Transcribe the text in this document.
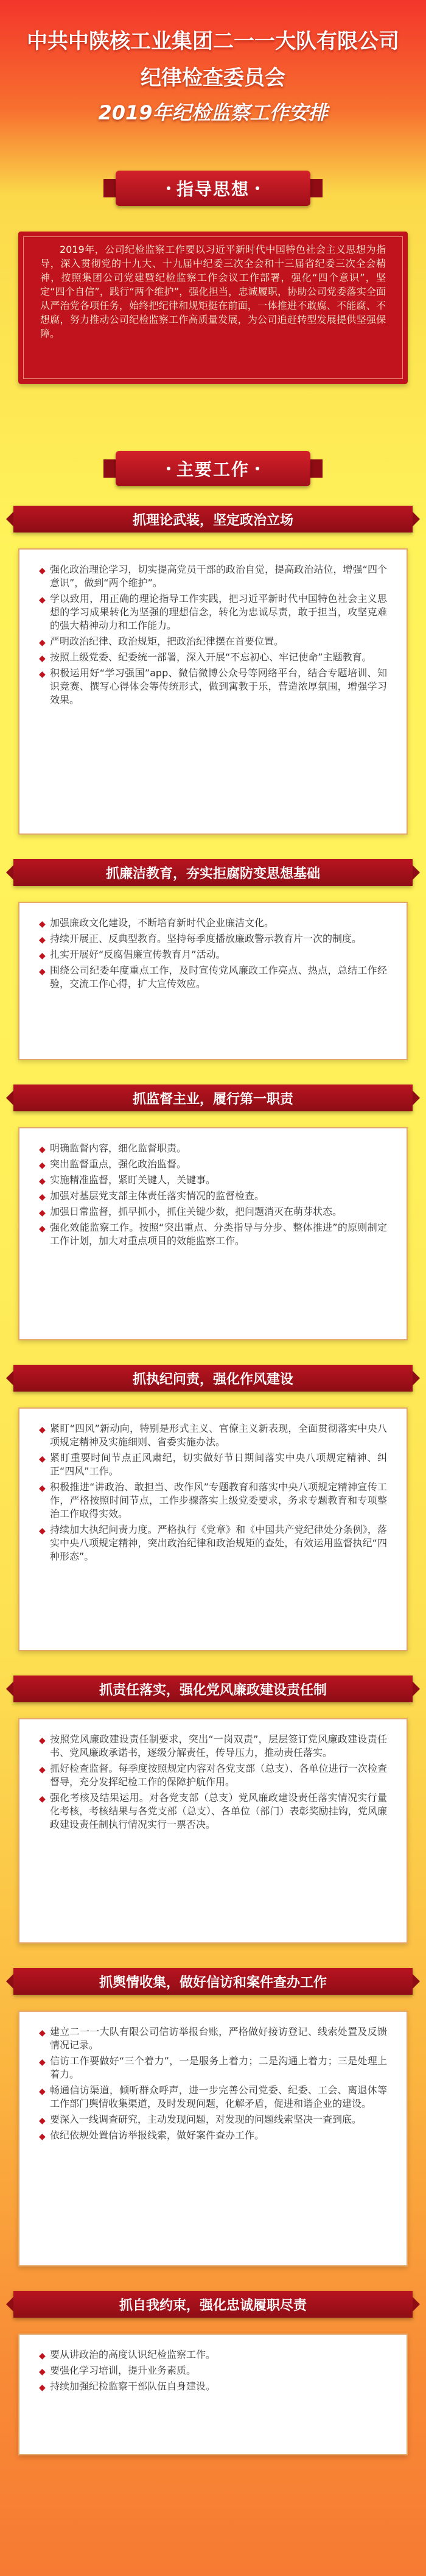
中共中陕核工业集团二一一大队有限公司
纪律检查委员会
2019年纪检监察工作安排
指导思想

2019年，公司纪检监察工作要以习近平新时代中国特色社会主义思想为指导，深入贯彻党的十九大、十九届中纪委三次全会和十三届省纪委三次全会精神，按照集团公司党建暨纪检监察工作会议工作部署，强化“四个意识”，坚定“四个自信”，践行“两个维护”，强化担当，忠诚履职，协助公司党委落实全面从严治党各项任务，始终把纪律和规矩挺在前面，一体推进不敢腐、不能腐、不想腐，努力推动公司纪检监察工作高质量发展，为公司追赶转型发展提供坚强保障。

主要工作
抓理论武装，坚定政治立场
◆ 强化政治理论学习，切实提高党员干部的政治自觉，提高政治站位，增强“四个意识”，做到“两个维护”。
◆ 学以致用，用正确的理论指导工作实践，把习近平新时代中国特色社会主义思想的学习成果转化为坚强的理想信念，转化为忠诚尽责，敢于担当，攻坚克难的强大精神动力和工作能力。
◆ 严明政治纪律、政治规矩，把政治纪律摆在首要位置。
◆ 按照上级党委、纪委统一部署，深入开展“不忘初心、牢记使命”主题教育。
◆ 积极运用好“学习强国”app、微信微博公众号等网络平台，结合专题培训、知识竞赛、撰写心得体会等传统形式，做到寓教于乐，营造浓厚氛围，增强学习效果。
抓廉洁教育，夯实拒腐防变思想基础
◆ 加强廉政文化建设，不断培育新时代企业廉洁文化。
◆ 持续开展正、反典型教育。坚持每季度播放廉政警示教育片一次的制度。
◆ 扎实开展好“反腐倡廉宣传教育月”活动。
◆ 围绕公司纪委年度重点工作，及时宣传党风廉政工作亮点、热点，总结工作经验，交流工作心得，扩大宣传效应。
抓监督主业，履行第一职责
◆ 明确监督内容，细化监督职责。
◆ 突出监督重点，强化政治监督。
◆ 实施精准监督，紧盯关键人，关键事。
◆ 加强对基层党支部主体责任落实情况的监督检查。
◆ 加强日常监督，抓早抓小，抓住关键少数，把问题消灭在萌芽状态。
◆ 强化效能监察工作。按照“突出重点、分类指导与分步、整体推进”的原则制定工作计划，加大对重点项目的效能监察工作。
抓执纪问责，强化作风建设
◆ 紧盯“四风”新动向，特别是形式主义、官僚主义新表现，全面贯彻落实中央八项规定精神及实施细则、省委实施办法。
◆ 紧盯重要时间节点正风肃纪，切实做好节日期间落实中央八项规定精神、纠正“四风”工作。
◆ 积极推进“讲政治、敢担当、改作风”专题教育和落实中央八项规定精神宣传工作，严格按照时间节点，工作步骤落实上级党委要求，务求专题教育和专项整治工作取得实效。
◆ 持续加大执纪问责力度。严格执行《党章》和《中国共产党纪律处分条例》，落实中央八项规定精神，突出政治纪律和政治规矩的查处，有效运用监督执纪“四种形态”。
抓责任落实，强化党风廉政建设责任制
◆ 按照党风廉政建设责任制要求，突出“一岗双责”，层层签订党风廉政建设责任书、党风廉政承诺书，逐级分解责任，传导压力，推动责任落实。
◆ 抓好检查监督。每季度按照规定内容对各党支部（总支）、各单位进行一次检查督导，充分发挥纪检工作的保障护航作用。
◆ 强化考核及结果运用。对各党支部（总支）党风廉政建设责任落实情况实行量化考核，考核结果与各党支部（总支）、各单位（部门）表彰奖励挂钩，党风廉政建设责任制执行情况实行一票否决。
抓舆情收集，做好信访和案件查办工作
◆ 建立二一一大队有限公司信访举报台账，严格做好接访登记、线索处置及反馈情况记录。
◆ 信访工作要做好“三个着力”，一是服务上着力；二是沟通上着力；三是处理上着力。
◆ 畅通信访渠道，倾听群众呼声，进一步完善公司党委、纪委、工会、离退休等工作部门舆情收集渠道，及时发现问题，化解矛盾，促进和谐企业的建设。
◆ 要深入一线调查研究，主动发现问题，对发现的问题线索坚决一查到底。
◆ 依纪依规处置信访举报线索，做好案件查办工作。
抓自我约束，强化忠诚履职尽责
◆ 要从讲政治的高度认识纪检监察工作。
◆ 要强化学习培训，提升业务素质。
◆ 持续加强纪检监察干部队伍自身建设。
